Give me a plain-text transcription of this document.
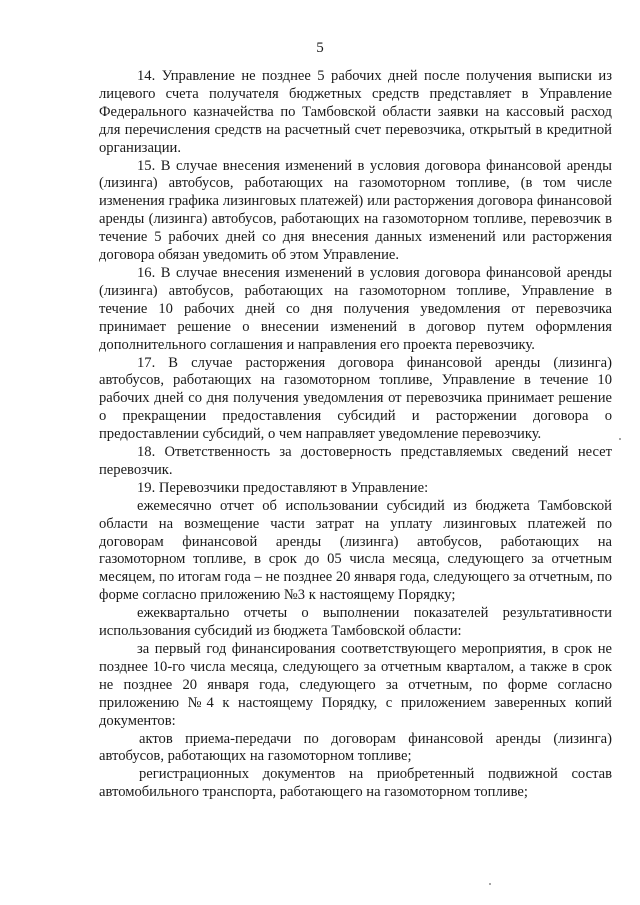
5

14. Управление не позднее 5 рабочих дней после получения выписки из лицевого счета получателя бюджетных средств представляет в Управление Федерального казначейства по Тамбовской области заявки на кассовый расход для перечисления средств на расчетный счет перевозчика, открытый в кредитной организации.

15. В случае внесения изменений в условия договора финансовой аренды (лизинга) автобусов, работающих на газомоторном топливе, (в том числе изменения графика лизинговых платежей) или расторжения договора финансовой аренды (лизинга) автобусов, работающих на газомоторном топливе, перевозчик в течение 5 рабочих дней со дня внесения данных изменений или расторжения договора обязан уведомить об этом Управление.

16. В случае внесения изменений в условия договора финансовой аренды (лизинга) автобусов, работающих на газомоторном топливе, Управление в течение 10 рабочих дней со дня получения уведомления от перевозчика принимает решение о внесении изменений в договор путем оформления дополнительного соглашения и направления его проекта перевозчику.

17. В случае расторжения договора финансовой аренды (лизинга) автобусов, работающих на газомоторном топливе, Управление в течение 10 рабочих дней со дня получения уведомления от перевозчика принимает решение о прекращении предоставления субсидий и расторжении договора о предоставлении субсидий, о чем направляет уведомление перевозчику.

18. Ответственность за достоверность представляемых сведений несет перевозчик.

19. Перевозчики предоставляют в Управление:

ежемесячно отчет об использовании субсидий из бюджета Тамбовской области на возмещение части затрат на уплату лизинговых платежей по договорам финансовой аренды (лизинга) автобусов, работающих на газомоторном топливе, в срок до 05 числа месяца, следующего за отчетным месяцем, по итогам года – не позднее 20 января года, следующего за отчетным, по форме согласно приложению №3 к настоящему Порядку;

ежеквартально отчеты о выполнении показателей результативности использования субсидий из бюджета Тамбовской области:

за первый год финансирования соответствующего мероприятия, в срок не позднее 10-го числа месяца, следующего за отчетным кварталом, а также в срок не позднее 20 января года, следующего за отчетным, по форме согласно приложению №4 к настоящему Порядку, с приложением заверенных копий документов:

актов приема-передачи по договорам финансовой аренды (лизинга) автобусов, работающих на газомоторном топливе;

регистрационных документов на приобретенный подвижной состав автомобильного транспорта, работающего на газомоторном топливе;
